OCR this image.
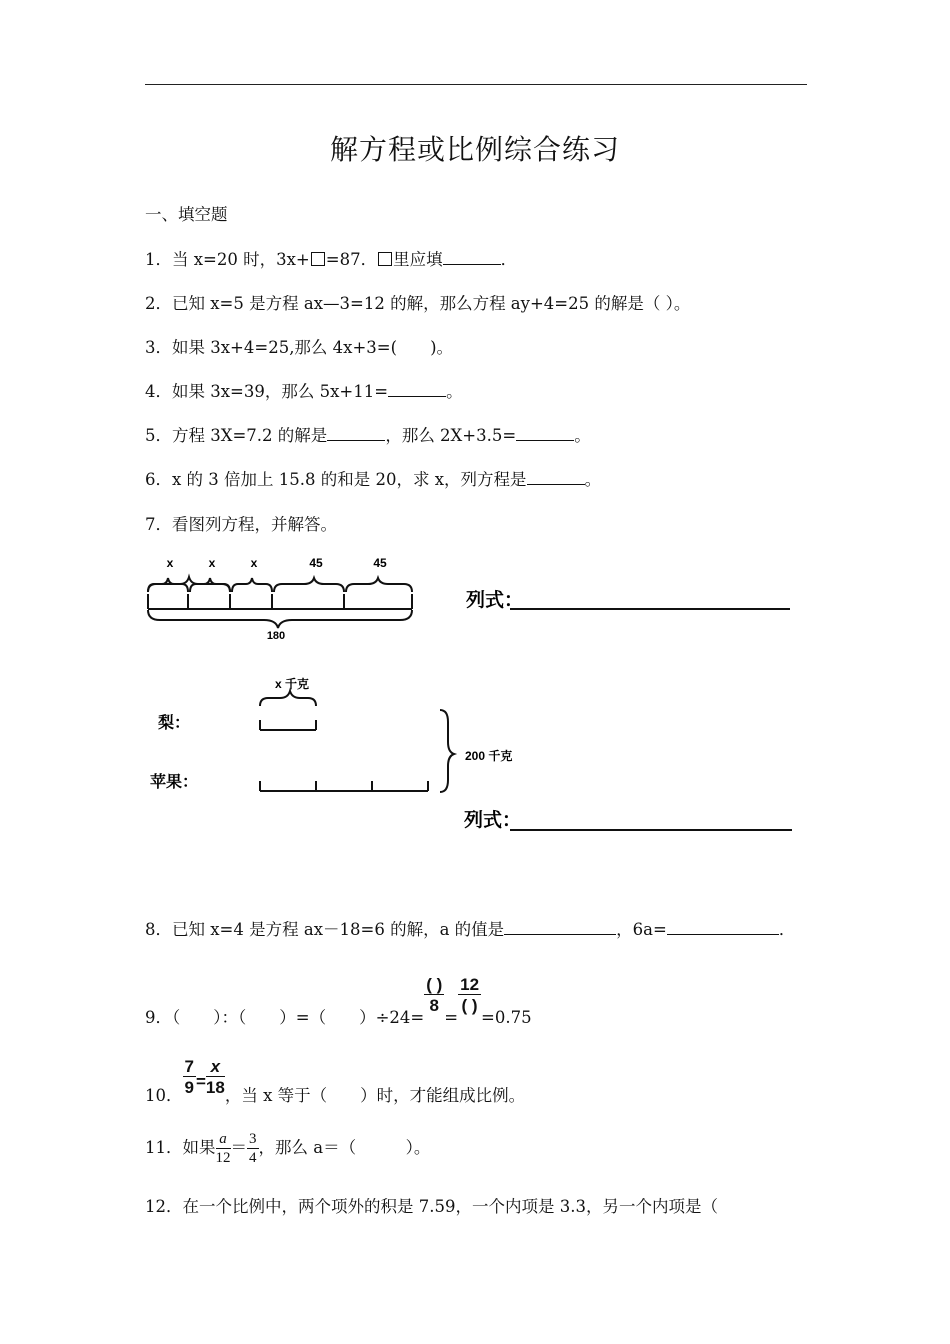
解方程或比例综合练习
一、填空题
1．当 x=20 时，3x+ =87． 里应填	．
2．已知 x=5 是方程 ax—3=12 的解，那么方程 ay+4=25 的解是（ ）。
3．如果 3x+4=25,那么 4x+3=(　　)。
4．如果 3x=39，那么 5x+11=	。
5．方程 3X=7.2 的解是	，那么 2X+3.5=	。
6．x 的 3 倍加上 15.8 的和是 20，求 x，列方程是	。
7．看图列方程，并解答。
x	x	x	45	45
180
列式：
x 千克
梨：
苹果：
200 千克
列式：
8．已知 x=4 是方程 ax－18=6 的解，a 的值是	，6a=	．
9．（　　）：（　　）=（　　）÷24=
$\frac{( )}{8}$
=
$\frac{12}{( )}$
=0.75
10． $\frac{7}{9} = \frac{x}{18}$ ，当 x 等于（　　）时，才能组成比例。
11．如果 $\frac{a}{12} = \frac{3}{4}$ ，那么 a＝（　　　）。
12．在一个比例中，两个项外的积是 7.59，一个内项是 3.3，另一个内项是（
